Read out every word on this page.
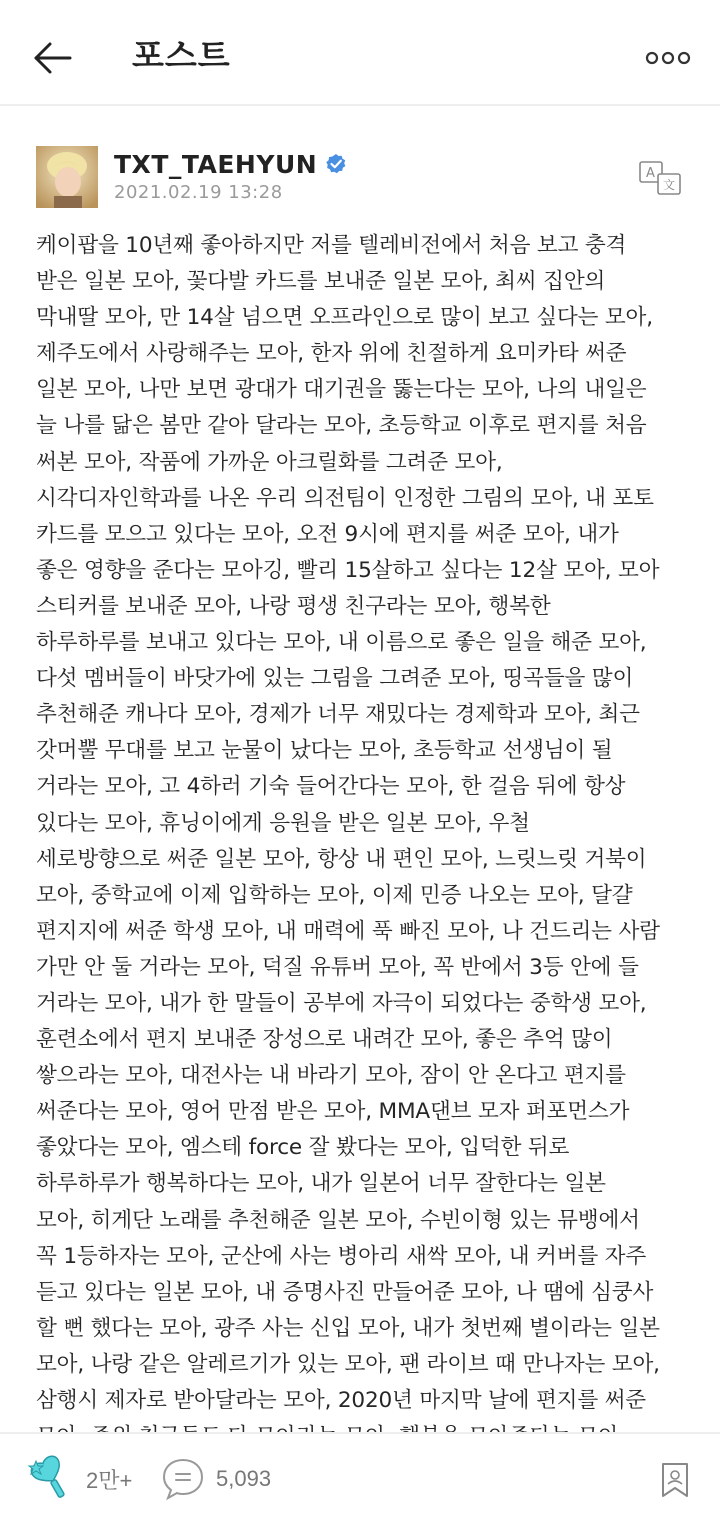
포스트
TXT_TAEHYUN
2021.02.19 13:28
A
文
케이팝을 10년째 좋아하지만 저를 텔레비전에서 처음 보고 충격
받은 일본 모아, 꽃다발 카드를 보내준 일본 모아, 최씨 집안의
막내딸 모아, 만 14살 넘으면 오프라인으로 많이 보고 싶다는 모아,
제주도에서 사랑해주는 모아, 한자 위에 친절하게 요미카타 써준
일본 모아, 나만 보면 광대가 대기권을 뚫는다는 모아, 나의 내일은
늘 나를 닮은 봄만 같아 달라는 모아, 초등학교 이후로 편지를 처음
써본 모아, 작품에 가까운 아크릴화를 그려준 모아,
시각디자인학과를 나온 우리 의전팀이 인정한 그림의 모아, 내 포토
카드를 모으고 있다는 모아, 오전 9시에 편지를 써준 모아, 내가
좋은 영향을 준다는 모아깅, 빨리 15살하고 싶다는 12살 모아, 모아
스티커를 보내준 모아, 나랑 평생 친구라는 모아, 행복한
하루하루를 보내고 있다는 모아, 내 이름으로 좋은 일을 해준 모아,
다섯 멤버들이 바닷가에 있는 그림을 그려준 모아, 띵곡들을 많이
추천해준 캐나다 모아, 경제가 너무 재밌다는 경제학과 모아, 최근
갓머뿔 무대를 보고 눈물이 났다는 모아, 초등학교 선생님이 될
거라는 모아, 고 4하러 기숙 들어간다는 모아, 한 걸음 뒤에 항상
있다는 모아, 휴닝이에게 응원을 받은 일본 모아, 우철
세로방향으로 써준 일본 모아, 항상 내 편인 모아, 느릿느릿 거북이
모아, 중학교에 이제 입학하는 모아, 이제 민증 나오는 모아, 달걀
편지지에 써준 학생 모아, 내 매력에 푹 빠진 모아, 나 건드리는 사람
가만 안 둘 거라는 모아, 덕질 유튜버 모아, 꼭 반에서 3등 안에 들
거라는 모아, 내가 한 말들이 공부에 자극이 되었다는 중학생 모아,
훈련소에서 편지 보내준 장성으로 내려간 모아, 좋은 추억 많이
쌓으라는 모아, 대전사는 내 바라기 모아, 잠이 안 온다고 편지를
써준다는 모아, 영어 만점 받은 모아, MMA댄브 모자 퍼포먼스가
좋았다는 모아, 엠스테 force 잘 봤다는 모아, 입덕한 뒤로
하루하루가 행복하다는 모아, 내가 일본어 너무 잘한다는 일본
모아, 히게단 노래를 추천해준 일본 모아, 수빈이형 있는 뮤뱅에서
꼭 1등하자는 모아, 군산에 사는 병아리 새싹 모아, 내 커버를 자주
듣고 있다는 일본 모아, 내 증명사진 만들어준 모아, 나 땜에 심쿵사
할 뻔 했다는 모아, 광주 사는 신입 모아, 내가 첫번째 별이라는 일본
모아, 나랑 같은 알레르기가 있는 모아, 팬 라이브 때 만나자는 모아,
삼행시 제자로 받아달라는 모아, 2020년 마지막 날에 편지를 써준
2만+	5,093
